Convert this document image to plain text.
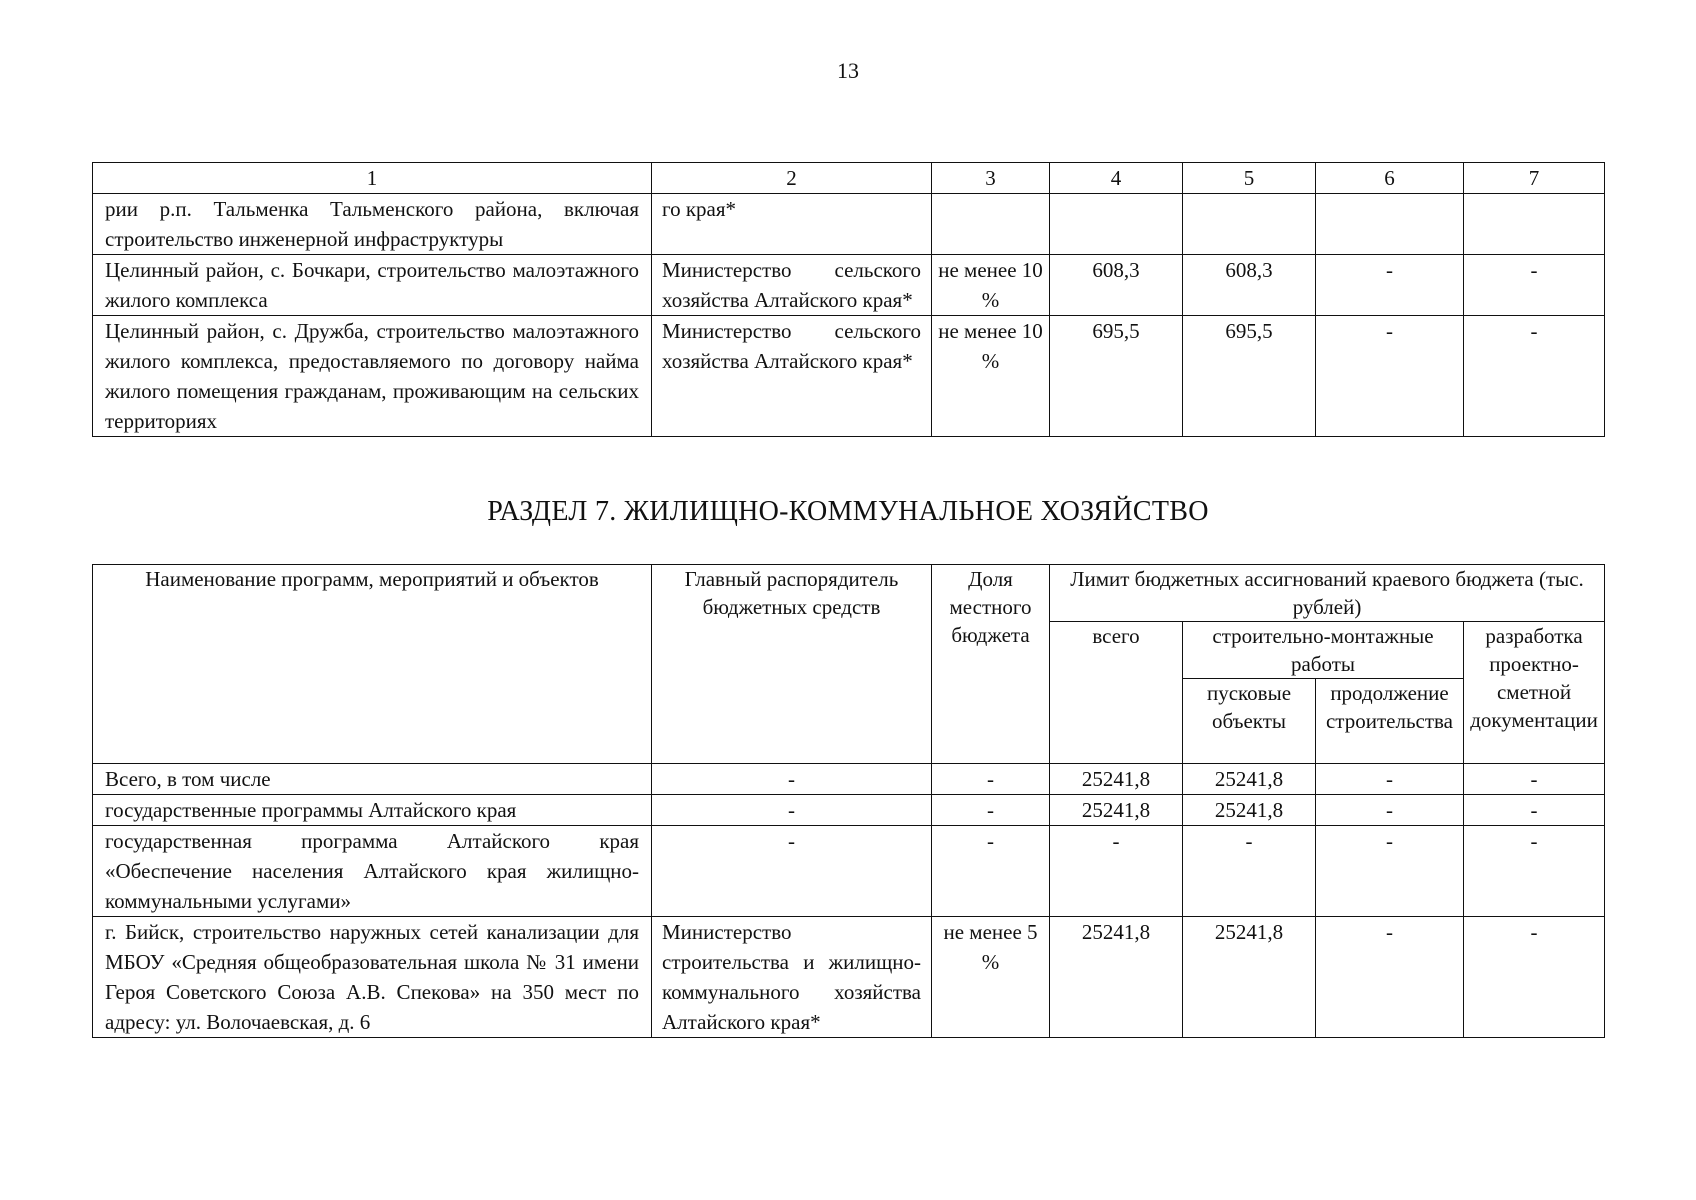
13
1	2	3	4	5	6	7
рии р.п. Тальменка Тальменского района, включая строительство инженерной инфраструктуры	го края*					
Целинный район, с. Бочкари, строительство малоэтажного жилого комплекса	Министерство сельского хозяйства Алтайского края*	не менее 10 %	608,3	608,3	-	-
Целинный район, с. Дружба, строительство малоэтажного жилого комплекса, предоставляемого по договору найма жилого помещения гражданам, проживающим на сельских территориях	Министерство сельского хозяйства Алтайского края*	не менее 10 %	695,5	695,5	-	-
РАЗДЕЛ 7. ЖИЛИЩНО-КОММУНАЛЬНОЕ ХОЗЯЙСТВО
Наименование программ, мероприятий и объектов	Главный распорядитель бюджетных средств	Доля местного бюджета	Лимит бюджетных ассигнований краевого бюджета (тыс. рублей)			
			всего	строительно-монтажные работы		разработка проектно-сметной документации
				пусковые объекты	продолжение строительства	
Всего, в том числе	-	-	25241,8	25241,8	-	-
государственные программы Алтайского края	-	-	25241,8	25241,8	-	-
государственная программа Алтайского края «Обеспечение населения Алтайского края жилищно-коммунальными услугами»	-	-	-	-	-	-
г. Бийск, строительство наружных сетей канализации для МБОУ «Средняя общеобразовательная школа № 31 имени Героя Советского Союза А.В. Спекова» на 350 мест по адресу: ул. Волочаевская, д. 6	Министерство строительства и жилищно-коммунального хозяйства Алтайского края*	не менее 5 %	25241,8	25241,8	-	-
